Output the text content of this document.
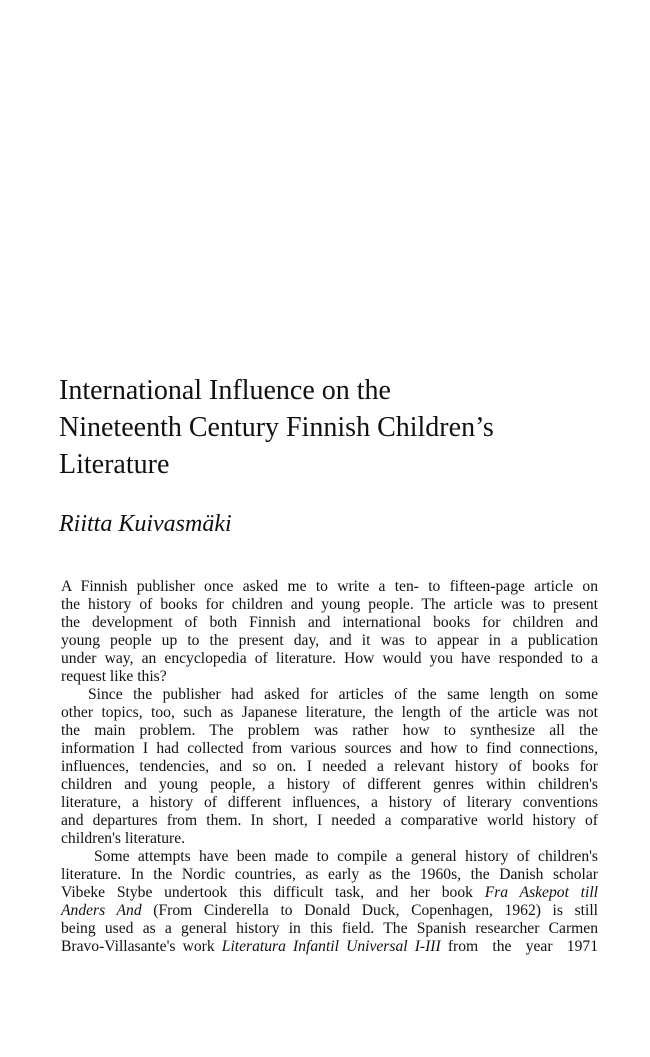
International Influence on the
Nineteenth Century Finnish Children’s
Literature
Riitta Kuivasmäki
A Finnish publisher once asked me to write a ten- to fifteen-page article on
the history of books for children and young people. The article was to present
the development of both Finnish and international books for children and
young people up to the present day, and it was to appear in a publication
under way, an encyclopedia of literature. How would you have responded to a
request like this?
Since the publisher had asked for articles of the same length on some
other topics, too, such as Japanese literature, the length of the article was not
the main problem. The problem was rather how to synthesize all the
information I had collected from various sources and how to find connections,
influences, tendencies, and so on. I needed a relevant history of books for
children and young people, a history of different genres within children's
literature, a history of different influences, a history of literary conventions
and departures from them. In short, I needed a comparative world history of
children's literature.
Some attempts have been made to compile a general history of children's
literature. In the Nordic countries, as early as the 1960s, the Danish scholar
Vibeke Stybe undertook this difficult task, and her book Fra Askepot till
Anders And (From Cinderella to Donald Duck, Copenhagen, 1962) is still
being used as a general history in this field. The Spanish researcher Carmen
Bravo-Villasante's work Literatura Infantil Universal I-III from  the  year  1971
